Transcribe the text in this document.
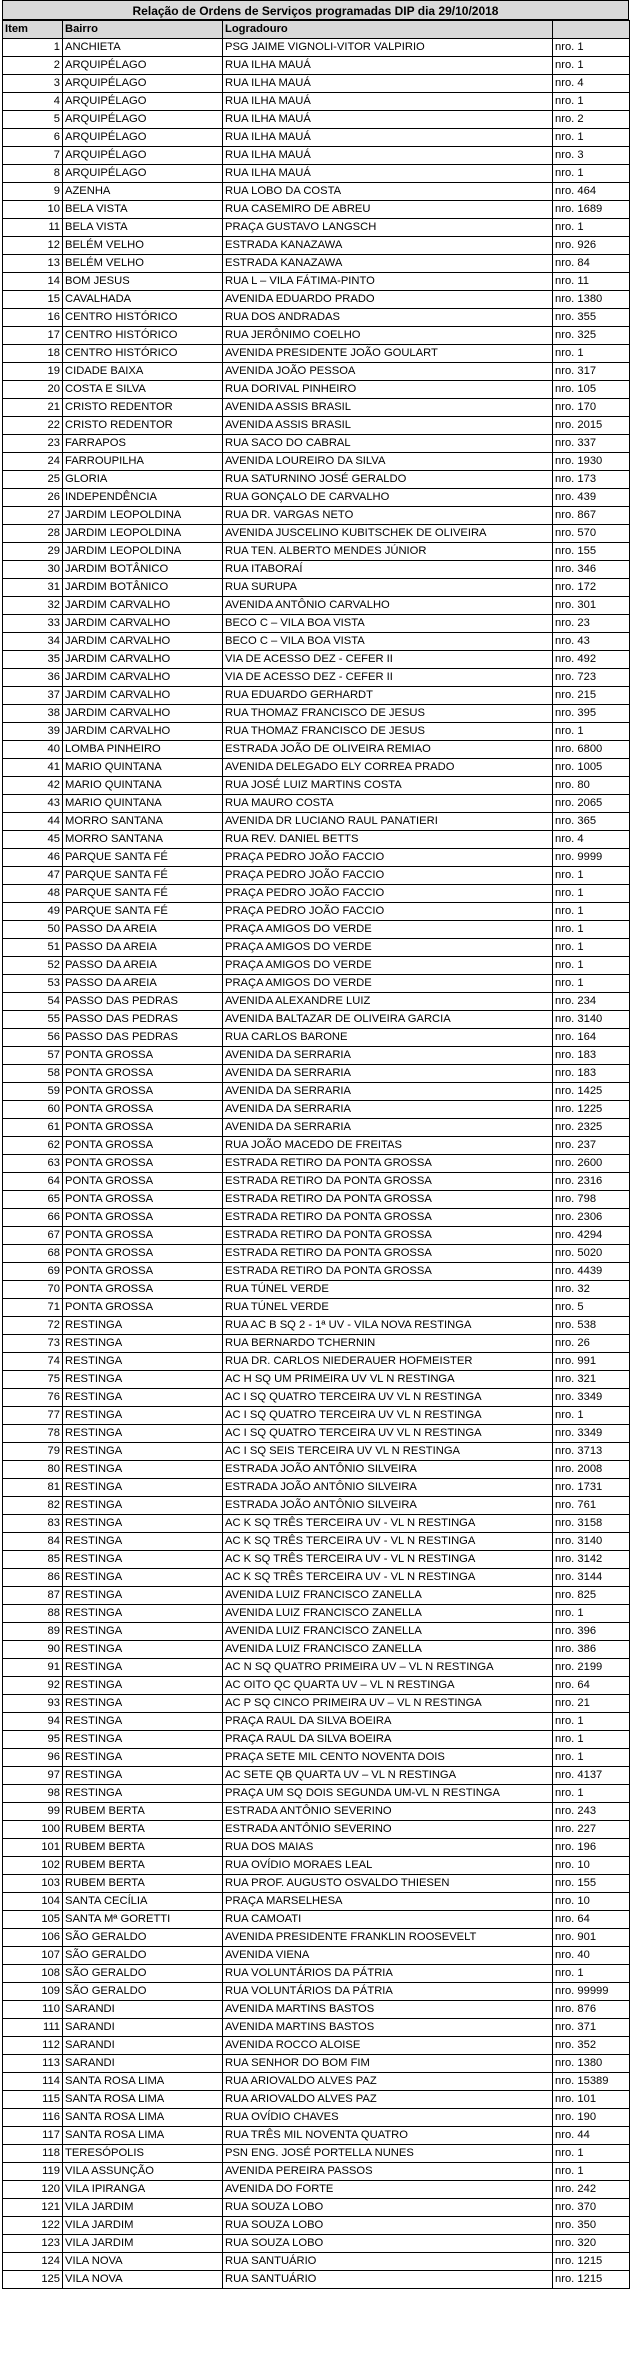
Relação de Ordens de Serviços programadas DIP dia 29/10/2018
Item	Bairro	Logradouro	
1	ANCHIETA	PSG JAIME VIGNOLI-VITOR VALPIRIO	nro. 1
2	ARQUIPÉLAGO	RUA ILHA MAUÁ	nro. 1
3	ARQUIPÉLAGO	RUA ILHA MAUÁ	nro. 4
4	ARQUIPÉLAGO	RUA ILHA MAUÁ	nro. 1
5	ARQUIPÉLAGO	RUA ILHA MAUÁ	nro. 2
6	ARQUIPÉLAGO	RUA ILHA MAUÁ	nro. 1
7	ARQUIPÉLAGO	RUA ILHA MAUÁ	nro. 3
8	ARQUIPÉLAGO	RUA ILHA MAUÁ	nro. 1
9	AZENHA	RUA LOBO DA COSTA	nro. 464
10	BELA VISTA	RUA CASEMIRO DE ABREU	nro. 1689
11	BELA VISTA	PRAÇA GUSTAVO LANGSCH	nro. 1
12	BELÉM VELHO	ESTRADA KANAZAWA	nro. 926
13	BELÉM VELHO	ESTRADA KANAZAWA	nro. 84
14	BOM JESUS	RUA L – VILA FÁTIMA-PINTO	nro. 11
15	CAVALHADA	AVENIDA EDUARDO PRADO	nro. 1380
16	CENTRO HISTÓRICO	RUA DOS ANDRADAS	nro. 355
17	CENTRO HISTÓRICO	RUA JERÔNIMO COELHO	nro. 325
18	CENTRO HISTÓRICO	AVENIDA PRESIDENTE JOÃO GOULART	nro. 1
19	CIDADE BAIXA	AVENIDA JOÃO PESSOA	nro. 317
20	COSTA E SILVA	RUA DORIVAL PINHEIRO	nro. 105
21	CRISTO REDENTOR	AVENIDA ASSIS BRASIL	nro. 170
22	CRISTO REDENTOR	AVENIDA ASSIS BRASIL	nro. 2015
23	FARRAPOS	RUA SACO DO CABRAL	nro. 337
24	FARROUPILHA	AVENIDA LOUREIRO DA SILVA	nro. 1930
25	GLORIA	RUA SATURNINO JOSÉ GERALDO	nro. 173
26	INDEPENDÊNCIA	RUA GONÇALO DE CARVALHO	nro. 439
27	JARDIM LEOPOLDINA	RUA DR. VARGAS NETO	nro. 867
28	JARDIM LEOPOLDINA	AVENIDA JUSCELINO KUBITSCHEK DE OLIVEIRA	nro. 570
29	JARDIM LEOPOLDINA	RUA TEN. ALBERTO MENDES JÚNIOR	nro. 155
30	JARDIM BOTÂNICO	RUA ITABORAÍ	nro. 346
31	JARDIM BOTÂNICO	RUA SURUPA	nro. 172
32	JARDIM CARVALHO	AVENIDA ANTÔNIO CARVALHO	nro. 301
33	JARDIM CARVALHO	BECO C – VILA BOA VISTA	nro. 23
34	JARDIM CARVALHO	BECO C – VILA BOA VISTA	nro. 43
35	JARDIM CARVALHO	VIA DE ACESSO DEZ - CEFER II	nro. 492
36	JARDIM CARVALHO	VIA DE ACESSO DEZ - CEFER II	nro. 723
37	JARDIM CARVALHO	RUA EDUARDO GERHARDT	nro. 215
38	JARDIM CARVALHO	RUA THOMAZ FRANCISCO DE JESUS	nro. 395
39	JARDIM CARVALHO	RUA THOMAZ FRANCISCO DE JESUS	nro. 1
40	LOMBA PINHEIRO	ESTRADA JOÃO DE OLIVEIRA REMIAO	nro. 6800
41	MARIO QUINTANA	AVENIDA DELEGADO ELY CORREA PRADO	nro. 1005
42	MARIO QUINTANA	RUA JOSÉ LUIZ MARTINS COSTA	nro. 80
43	MARIO QUINTANA	RUA MAURO COSTA	nro. 2065
44	MORRO SANTANA	AVENIDA DR LUCIANO RAUL PANATIERI	nro. 365
45	MORRO SANTANA	RUA REV. DANIEL BETTS	nro. 4
46	PARQUE SANTA FÉ	PRAÇA PEDRO JOÃO FACCIO	nro. 9999
47	PARQUE SANTA FÉ	PRAÇA PEDRO JOÃO FACCIO	nro. 1
48	PARQUE SANTA FÉ	PRAÇA PEDRO JOÃO FACCIO	nro. 1
49	PARQUE SANTA FÉ	PRAÇA PEDRO JOÃO FACCIO	nro. 1
50	PASSO DA AREIA	PRAÇA AMIGOS DO VERDE	nro. 1
51	PASSO DA AREIA	PRAÇA AMIGOS DO VERDE	nro. 1
52	PASSO DA AREIA	PRAÇA AMIGOS DO VERDE	nro. 1
53	PASSO DA AREIA	PRAÇA AMIGOS DO VERDE	nro. 1
54	PASSO DAS PEDRAS	AVENIDA ALEXANDRE LUIZ	nro. 234
55	PASSO DAS PEDRAS	AVENIDA BALTAZAR DE OLIVEIRA GARCIA	nro. 3140
56	PASSO DAS PEDRAS	RUA CARLOS BARONE	nro. 164
57	PONTA GROSSA	AVENIDA DA SERRARIA	nro. 183
58	PONTA GROSSA	AVENIDA DA SERRARIA	nro. 183
59	PONTA GROSSA	AVENIDA DA SERRARIA	nro. 1425
60	PONTA GROSSA	AVENIDA DA SERRARIA	nro. 1225
61	PONTA GROSSA	AVENIDA DA SERRARIA	nro. 2325
62	PONTA GROSSA	RUA JOÃO MACEDO DE FREITAS	nro. 237
63	PONTA GROSSA	ESTRADA RETIRO DA PONTA GROSSA	nro. 2600
64	PONTA GROSSA	ESTRADA RETIRO DA PONTA GROSSA	nro. 2316
65	PONTA GROSSA	ESTRADA RETIRO DA PONTA GROSSA	nro. 798
66	PONTA GROSSA	ESTRADA RETIRO DA PONTA GROSSA	nro. 2306
67	PONTA GROSSA	ESTRADA RETIRO DA PONTA GROSSA	nro. 4294
68	PONTA GROSSA	ESTRADA RETIRO DA PONTA GROSSA	nro. 5020
69	PONTA GROSSA	ESTRADA RETIRO DA PONTA GROSSA	nro. 4439
70	PONTA GROSSA	RUA TÚNEL VERDE	nro. 32
71	PONTA GROSSA	RUA TÚNEL VERDE	nro. 5
72	RESTINGA	RUA AC B SQ 2 - 1ª UV - VILA NOVA RESTINGA	nro. 538
73	RESTINGA	RUA BERNARDO TCHERNIN	nro. 26
74	RESTINGA	RUA DR. CARLOS NIEDERAUER HOFMEISTER	nro. 991
75	RESTINGA	AC H SQ UM PRIMEIRA UV VL N RESTINGA	nro. 321
76	RESTINGA	AC I SQ QUATRO TERCEIRA UV VL N RESTINGA	nro. 3349
77	RESTINGA	AC I SQ QUATRO TERCEIRA UV VL N RESTINGA	nro. 1
78	RESTINGA	AC I SQ QUATRO TERCEIRA UV VL N RESTINGA	nro. 3349
79	RESTINGA	AC I SQ SEIS TERCEIRA UV VL N RESTINGA	nro. 3713
80	RESTINGA	ESTRADA JOÃO ANTÔNIO SILVEIRA	nro. 2008
81	RESTINGA	ESTRADA JOÃO ANTÔNIO SILVEIRA	nro. 1731
82	RESTINGA	ESTRADA JOÃO ANTÔNIO SILVEIRA	nro. 761
83	RESTINGA	AC K SQ TRÊS TERCEIRA UV - VL N RESTINGA	nro. 3158
84	RESTINGA	AC K SQ TRÊS TERCEIRA UV - VL N RESTINGA	nro. 3140
85	RESTINGA	AC K SQ TRÊS TERCEIRA UV - VL N RESTINGA	nro. 3142
86	RESTINGA	AC K SQ TRÊS TERCEIRA UV - VL N RESTINGA	nro. 3144
87	RESTINGA	AVENIDA LUIZ FRANCISCO ZANELLA	nro. 825
88	RESTINGA	AVENIDA LUIZ FRANCISCO ZANELLA	nro. 1
89	RESTINGA	AVENIDA LUIZ FRANCISCO ZANELLA	nro. 396
90	RESTINGA	AVENIDA LUIZ FRANCISCO ZANELLA	nro. 386
91	RESTINGA	AC N SQ QUATRO PRIMEIRA UV – VL N RESTINGA	nro. 2199
92	RESTINGA	AC OITO QC QUARTA UV – VL N RESTINGA	nro. 64
93	RESTINGA	AC P SQ CINCO PRIMEIRA UV – VL N RESTINGA	nro. 21
94	RESTINGA	PRAÇA RAUL DA SILVA BOEIRA	nro. 1
95	RESTINGA	PRAÇA RAUL DA SILVA BOEIRA	nro. 1
96	RESTINGA	PRAÇA SETE MIL CENTO NOVENTA DOIS	nro. 1
97	RESTINGA	AC SETE QB QUARTA UV – VL N RESTINGA	nro. 4137
98	RESTINGA	PRAÇA UM SQ DOIS SEGUNDA UM-VL N RESTINGA	nro. 1
99	RUBEM BERTA	ESTRADA ANTÔNIO SEVERINO	nro. 243
100	RUBEM BERTA	ESTRADA ANTÔNIO SEVERINO	nro. 227
101	RUBEM BERTA	RUA DOS MAIAS	nro. 196
102	RUBEM BERTA	RUA OVÍDIO MORAES LEAL	nro. 10
103	RUBEM BERTA	RUA PROF. AUGUSTO OSVALDO THIESEN	nro. 155
104	SANTA CECÍLIA	PRAÇA MARSELHESA	nro. 10
105	SANTA Mª GORETTI	RUA CAMOATI	nro. 64
106	SÃO GERALDO	AVENIDA PRESIDENTE FRANKLIN ROOSEVELT	nro. 901
107	SÃO GERALDO	AVENIDA VIENA	nro. 40
108	SÃO GERALDO	RUA VOLUNTÁRIOS DA PÁTRIA	nro. 1
109	SÃO GERALDO	RUA VOLUNTÁRIOS DA PÁTRIA	nro. 99999
110	SARANDI	AVENIDA MARTINS BASTOS	nro. 876
111	SARANDI	AVENIDA MARTINS BASTOS	nro. 371
112	SARANDI	AVENIDA ROCCO ALOISE	nro. 352
113	SARANDI	RUA SENHOR DO BOM FIM	nro. 1380
114	SANTA ROSA LIMA	RUA ARIOVALDO ALVES PAZ	nro. 15389
115	SANTA ROSA LIMA	RUA ARIOVALDO ALVES PAZ	nro. 101
116	SANTA ROSA LIMA	RUA OVÍDIO CHAVES	nro. 190
117	SANTA ROSA LIMA	RUA TRÊS MIL NOVENTA QUATRO	nro. 44
118	TERESÓPOLIS	PSN ENG. JOSÉ PORTELLA NUNES	nro. 1
119	VILA ASSUNÇÃO	AVENIDA PEREIRA PASSOS	nro. 1
120	VILA IPIRANGA	AVENIDA DO FORTE	nro. 242
121	VILA JARDIM	RUA SOUZA LOBO	nro. 370
122	VILA JARDIM	RUA SOUZA LOBO	nro. 350
123	VILA JARDIM	RUA SOUZA LOBO	nro. 320
124	VILA NOVA	RUA SANTUÁRIO	nro. 1215
125	VILA NOVA	RUA SANTUÁRIO	nro. 1215
